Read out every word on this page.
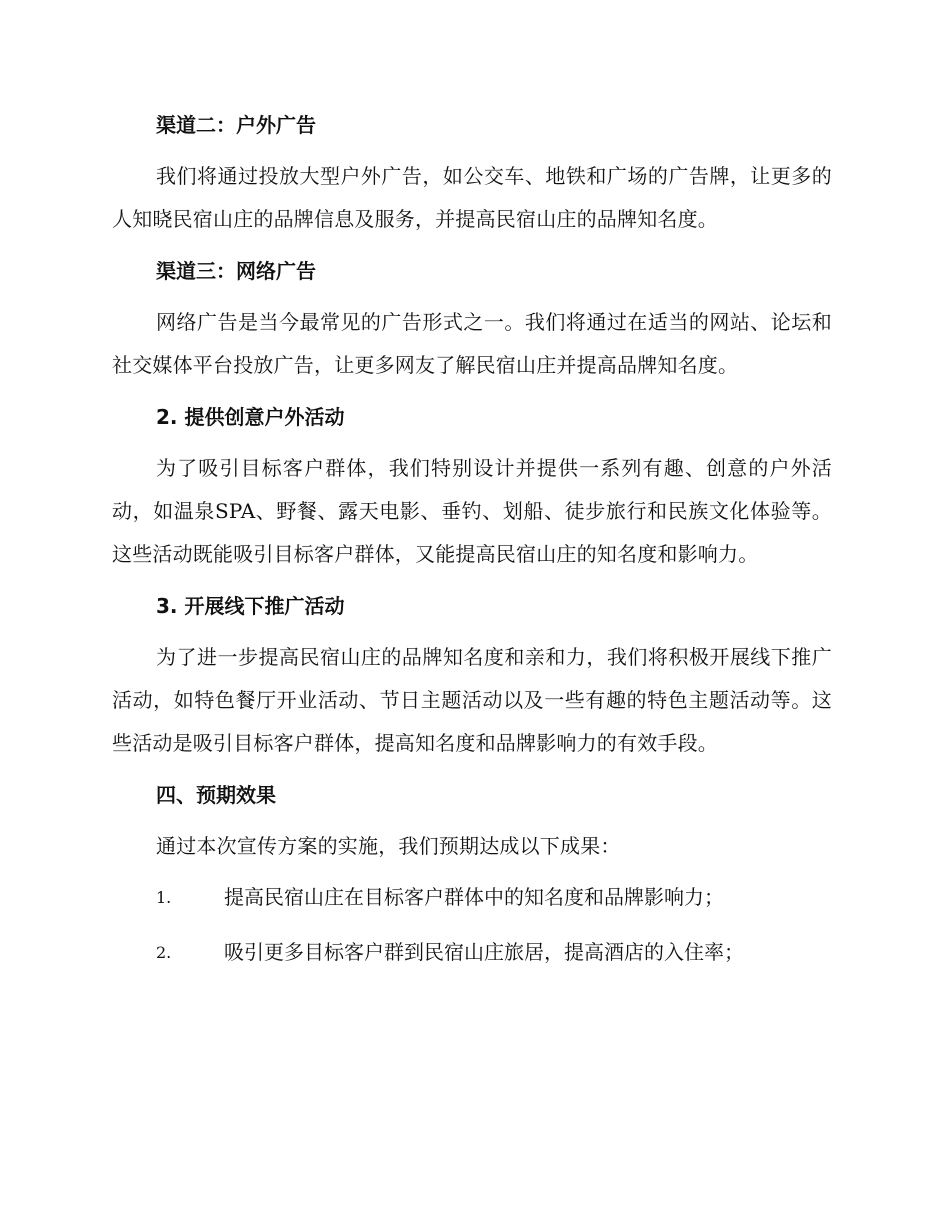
渠道二：户外广告

我们将通过投放大型户外广告，如公交车、地铁和广场的广告牌，让更多的人知晓民宿山庄的品牌信息及服务，并提高民宿山庄的品牌知名度。

渠道三：网络广告

网络广告是当今最常见的广告形式之一。我们将通过在适当的网站、论坛和社交媒体平台投放广告，让更多网友了解民宿山庄并提高品牌知名度。

2. 提供创意户外活动

为了吸引目标客户群体，我们特别设计并提供一系列有趣、创意的户外活动，如温泉SPA、野餐、露天电影、垂钓、划船、徒步旅行和民族文化体验等。这些活动既能吸引目标客户群体，又能提高民宿山庄的知名度和影响力。

3. 开展线下推广活动

为了进一步提高民宿山庄的品牌知名度和亲和力，我们将积极开展线下推广活动，如特色餐厅开业活动、节日主题活动以及一些有趣的特色主题活动等。这些活动是吸引目标客户群体，提高知名度和品牌影响力的有效手段。

四、预期效果

通过本次宣传方案的实施，我们预期达成以下成果：

1.	提高民宿山庄在目标客户群体中的知名度和品牌影响力；
2.	吸引更多目标客户群到民宿山庄旅居，提高酒店的入住率；
